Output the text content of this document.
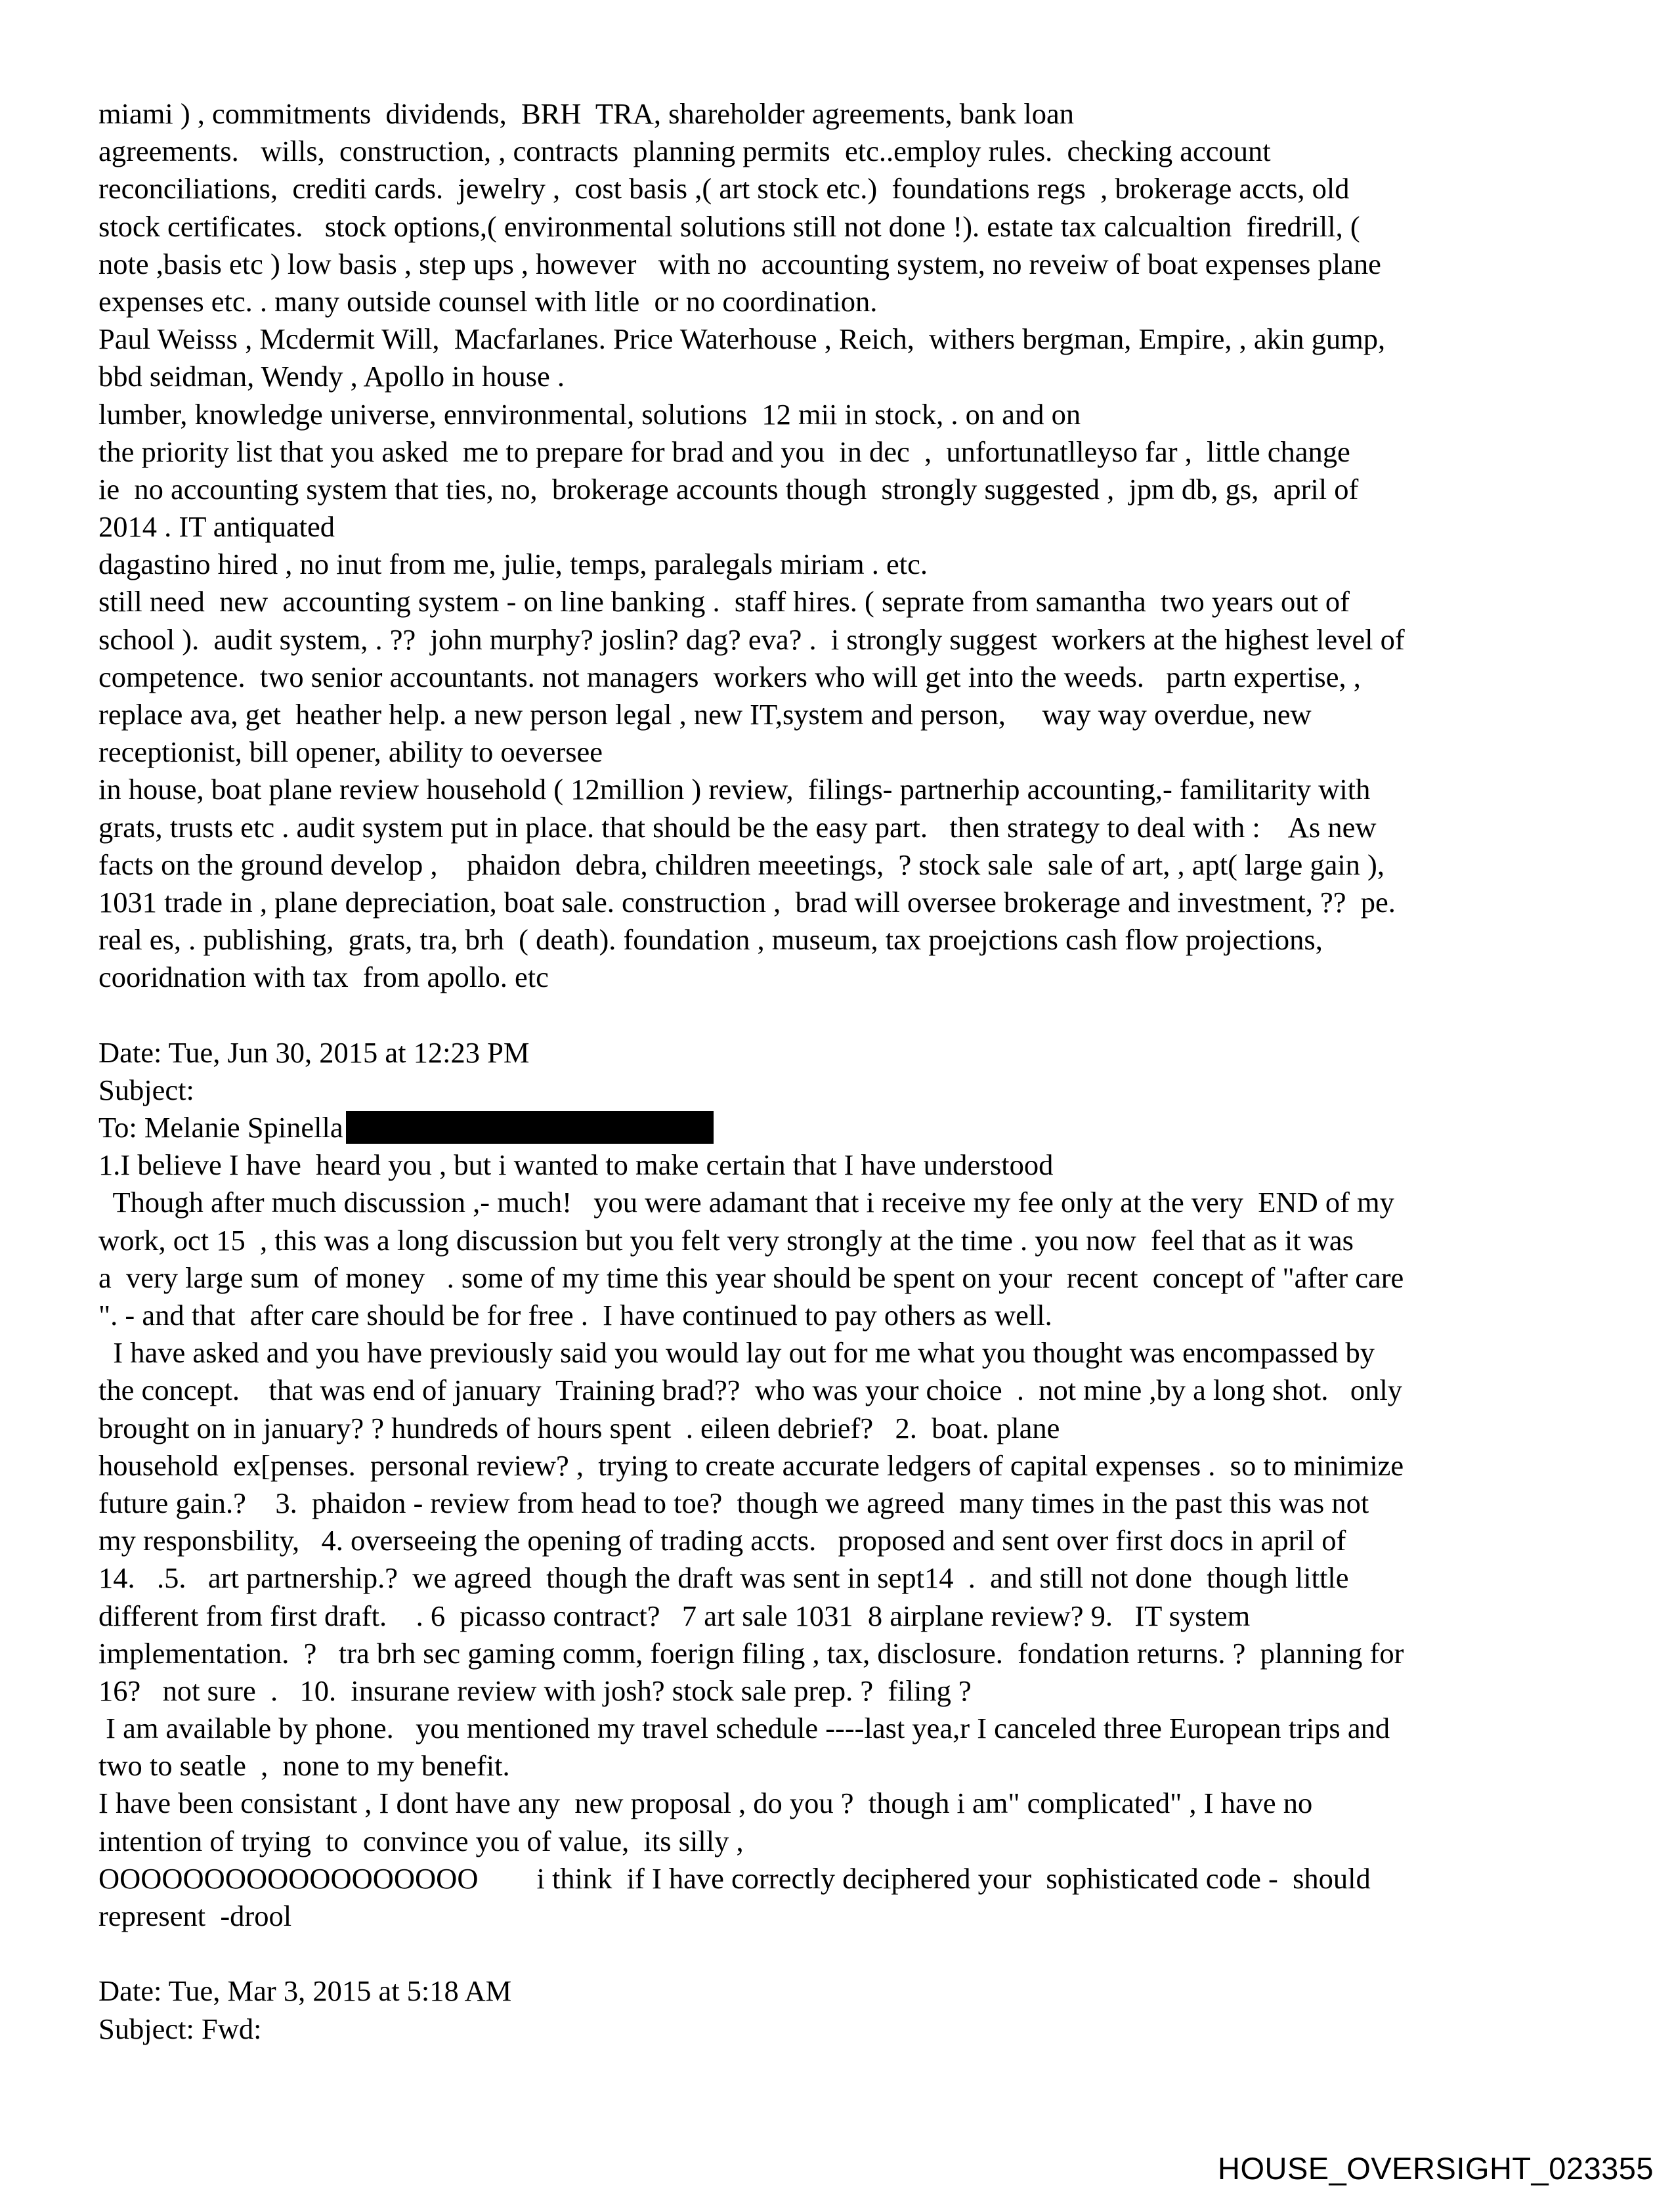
miami ) , commitments  dividends,  BRH  TRA, shareholder agreements, bank loan
agreements.   wills,  construction, , contracts  planning permits  etc..employ rules.  checking account
reconciliations,  crediti cards.  jewelry ,  cost basis ,( art stock etc.)  foundations regs  , brokerage accts, old
stock certificates.   stock options,( environmental solutions still not done !). estate tax calcualtion  firedrill, (
note ,basis etc ) low basis , step ups , however   with no  accounting system, no reveiw of boat expenses plane
expenses etc. . many outside counsel with litle  or no coordination.
Paul Weisss , Mcdermit Will,  Macfarlanes. Price Waterhouse , Reich,  withers bergman, Empire, , akin gump,
bbd seidman, Wendy , Apollo in house .
lumber, knowledge universe, ennvironmental, solutions  12 mii in stock, . on and on
the priority list that you asked  me to prepare for brad and you  in dec  ,  unfortunatlleyso far ,  little change
ie  no accounting system that ties, no,  brokerage accounts though  strongly suggested ,  jpm db, gs,  april of
2014 . IT antiquated
dagastino hired , no inut from me, julie, temps, paralegals miriam . etc.
still need  new  accounting system - on line banking .  staff hires. ( seprate from samantha  two years out of
school ).  audit system, . ??  john murphy? joslin? dag? eva? .  i strongly suggest  workers at the highest level of
competence.  two senior accountants. not managers  workers who will get into the weeds.   partn expertise, ,
replace ava, get  heather help. a new person legal , new IT,system and person,     way way overdue, new
receptionist, bill opener, ability to oeversee
in house, boat plane review household ( 12million ) review,  filings- partnerhip accounting,- familitarity with
grats, trusts etc . audit system put in place. that should be the easy part.   then strategy to deal with :    As new
facts on the ground develop ,    phaidon  debra, children meeetings,  ? stock sale  sale of art, , apt( large gain ),
1031 trade in , plane depreciation, boat sale. construction ,  brad will oversee brokerage and investment, ??  pe.
real es, . publishing,  grats, tra, brh  ( death). foundation , museum, tax proejctions cash flow projections,
cooridnation with tax  from apollo. etc
Date: Tue, Jun 30, 2015 at 12:23 PM
Subject:
To: Melanie Spinella
1.I believe I have  heard you , but i wanted to make certain that I have understood
Though after much discussion ,- much!   you were adamant that i receive my fee only at the very  END of my
work, oct 15  , this was a long discussion but you felt very strongly at the time . you now  feel that as it was
a  very large sum  of money   . some of my time this year should be spent on your  recent  concept of "after care
". - and that  after care should be for free .  I have continued to pay others as well.
I have asked and you have previously said you would lay out for me what you thought was encompassed by
the concept.    that was end of january  Training brad??  who was your choice  .  not mine ,by a long shot.   only
brought on in january? ? hundreds of hours spent  . eileen debrief?   2.  boat. plane
household  ex[penses.  personal review? ,  trying to create accurate ledgers of capital expenses .  so to minimize
future gain.?    3.  phaidon - review from head to toe?  though we agreed  many times in the past this was not
my responsbility,   4. overseeing the opening of trading accts.   proposed and sent over first docs in april of
14.   .5.   art partnership.?  we agreed  though the draft was sent in sept14  .  and still not done  though little
different from first draft.    . 6  picasso contract?   7 art sale 1031  8 airplane review? 9.   IT system
implementation.  ?   tra brh sec gaming comm, foerign filing , tax, disclosure.  fondation returns. ?  planning for
16?   not sure  .   10.  insurane review with josh? stock sale prep. ?  filing ?
I am available by phone.   you mentioned my travel schedule ----last yea,r I canceled three European trips and
two to seatle  ,  none to my benefit.
I have been consistant , I dont have any  new proposal , do you ?  though i am" complicated" , I have no
intention of trying  to  convince you of value,  its silly ,
OOOOOOOOOOOOOOOOOO        i think  if I have correctly deciphered your  sophisticated code -  should
represent  -drool
Date: Tue, Mar 3, 2015 at 5:18 AM
Subject: Fwd:
HOUSE_OVERSIGHT_023355
